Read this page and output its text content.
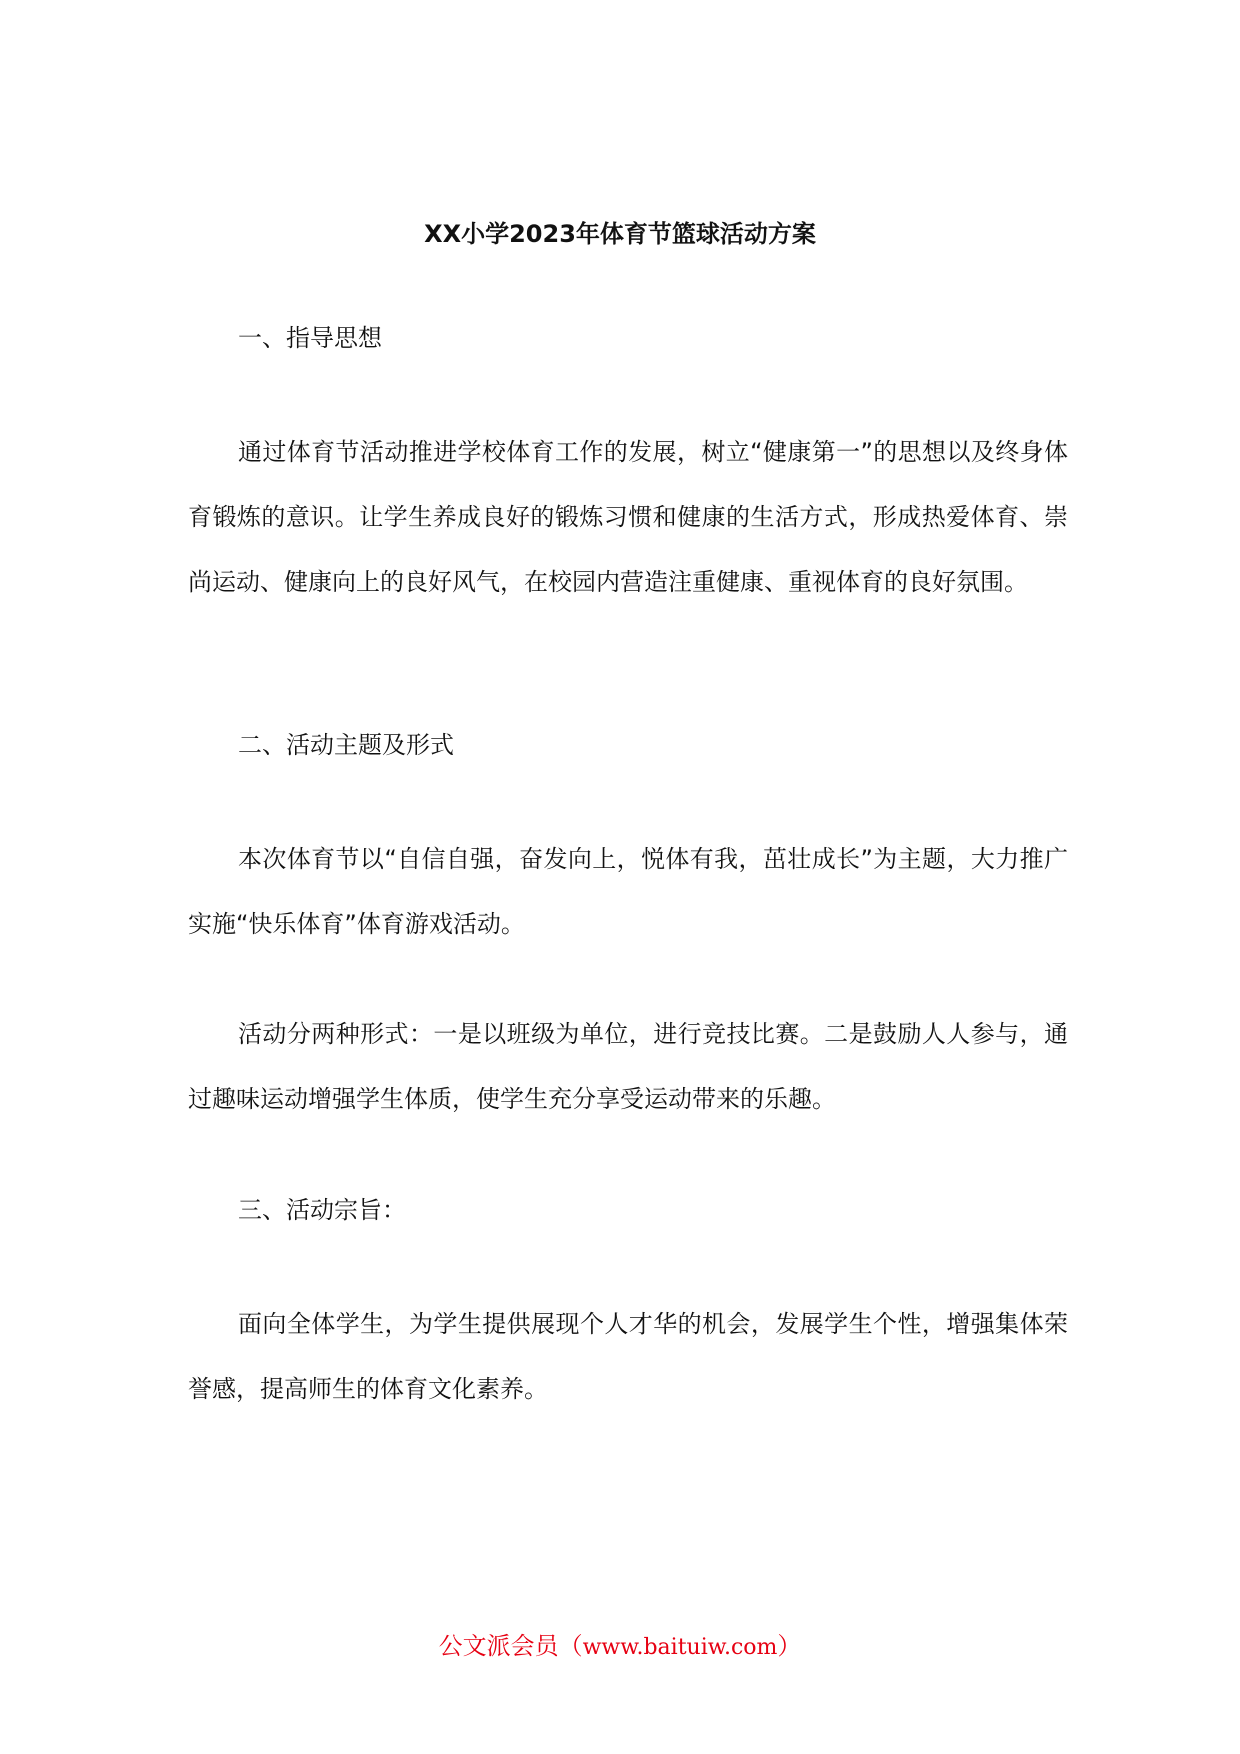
XX小学2023年体育节篮球活动方案
一、指导思想

通过体育节活动推进学校体育工作的发展，树立“健康第一”的思想以及终身体育锻炼的意识。让学生养成良好的锻炼习惯和健康的生活方式，形成热爱体育、崇尚运动、健康向上的良好风气，在校园内营造注重健康、重视体育的良好氛围。

二、活动主题及形式

本次体育节以“自信自强，奋发向上，悦体有我，茁壮成长”为主题，大力推广实施“快乐体育”体育游戏活动。

活动分两种形式：一是以班级为单位，进行竞技比赛。二是鼓励人人参与，通过趣味运动增强学生体质，使学生充分享受运动带来的乐趣。

三、活动宗旨：

面向全体学生，为学生提供展现个人才华的机会，发展学生个性，增强集体荣誉感，提高师生的体育文化素养。

公文派会员（www.baituiw.com）
